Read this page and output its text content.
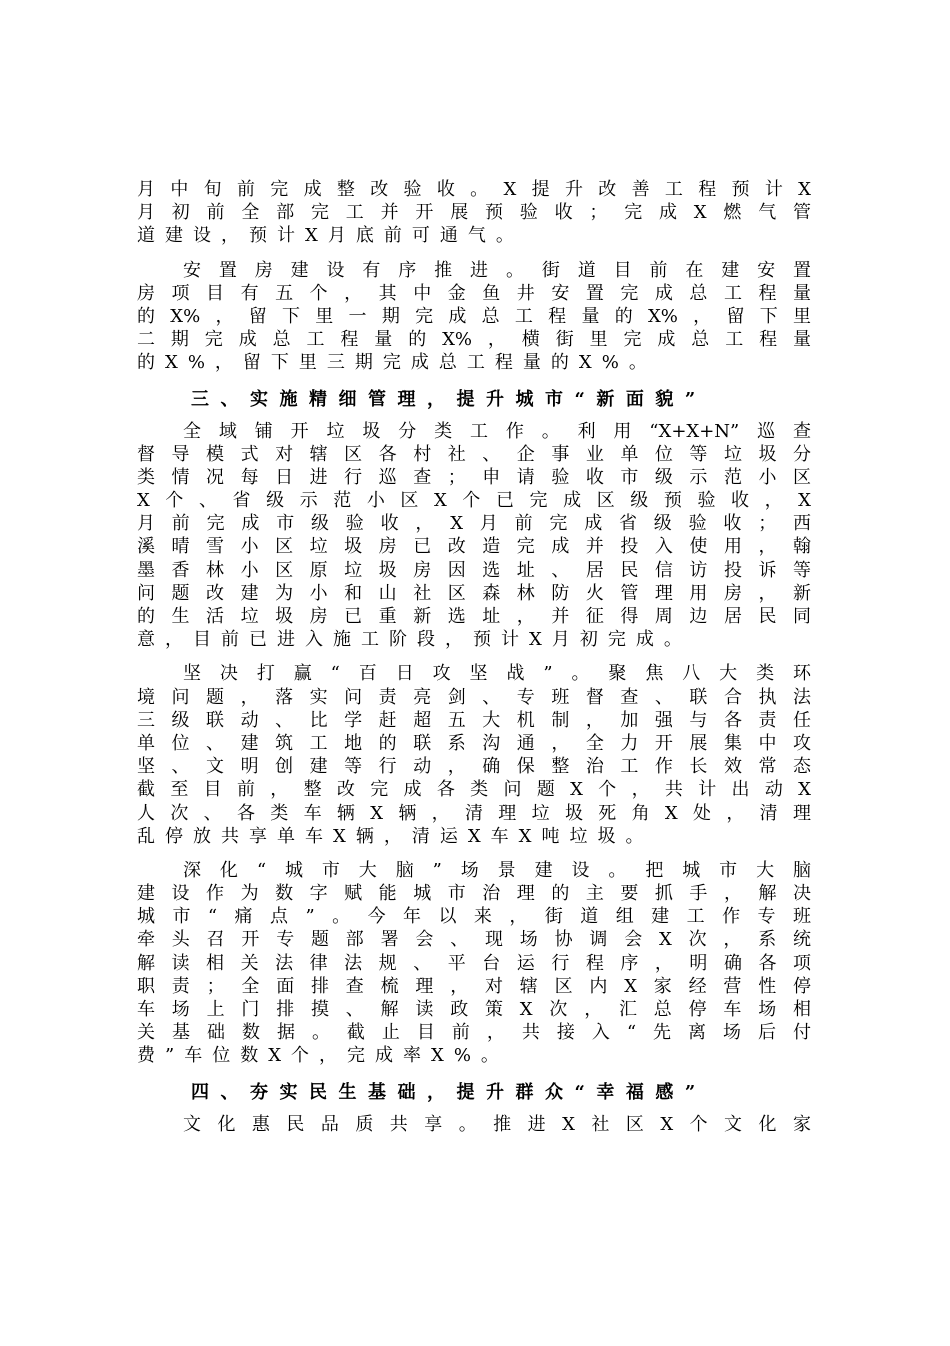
月中旬前完成整改验收。X提升改善工程预计X
月初前全部完工并开展预验收；完成X燃气管
道建设，预计X月底前可通气。
安置房建设有序推进。街道目前在建安置
房项目有五个，其中金鱼井安置完成总工程量
的X%，留下里一期完成总工程量的X%，留下里
二期完成总工程量的X%，横街里完成总工程量
的X%，留下里三期完成总工程量的X%。
三、实施精细管理，提升城市“新面貌”
全域铺开垃圾分类工作。利用“X+X+N”巡查
督导模式对辖区各村社、企事业单位等垃圾分
类情况每日进行巡查；申请验收市级示范小区
X个、省级示范小区X个已完成区级预验收，X
月前完成市级验收，X月前完成省级验收；西
溪晴雪小区垃圾房已改造完成并投入使用，翰
墨香林小区原垃圾房因选址、居民信访投诉等
问题改建为小和山社区森林防火管理用房，新
的生活垃圾房已重新选址，并征得周边居民同
意，目前已进入施工阶段，预计X月初完成。
坚决打赢“百日攻坚战”。聚焦八大类环
境问题，落实问责亮剑、专班督查、联合执法
三级联动、比学赶超五大机制，加强与各责任
单位、建筑工地的联系沟通，全力开展集中攻
坚、文明创建等行动，确保整治工作长效常态
截至目前，整改完成各类问题X个，共计出动X
人次、各类车辆X辆，清理垃圾死角X处，清理
乱停放共享单车X辆，清运X车X吨垃圾。
深化“城市大脑”场景建设。把城市大脑
建设作为数字赋能城市治理的主要抓手，解决
城市“痛点”。今年以来，街道组建工作专班
牵头召开专题部署会、现场协调会X次，系统
解读相关法律法规、平台运行程序，明确各项
职责；全面排查梳理，对辖区内X家经营性停
车场上门排摸、解读政策X次，汇总停车场相
关基础数据。截止目前，共接入“先离场后付
费”车位数X个，完成率X%。
四、夯实民生基础，提升群众“幸福感”
文化惠民品质共享。推进X社区X个文化家
